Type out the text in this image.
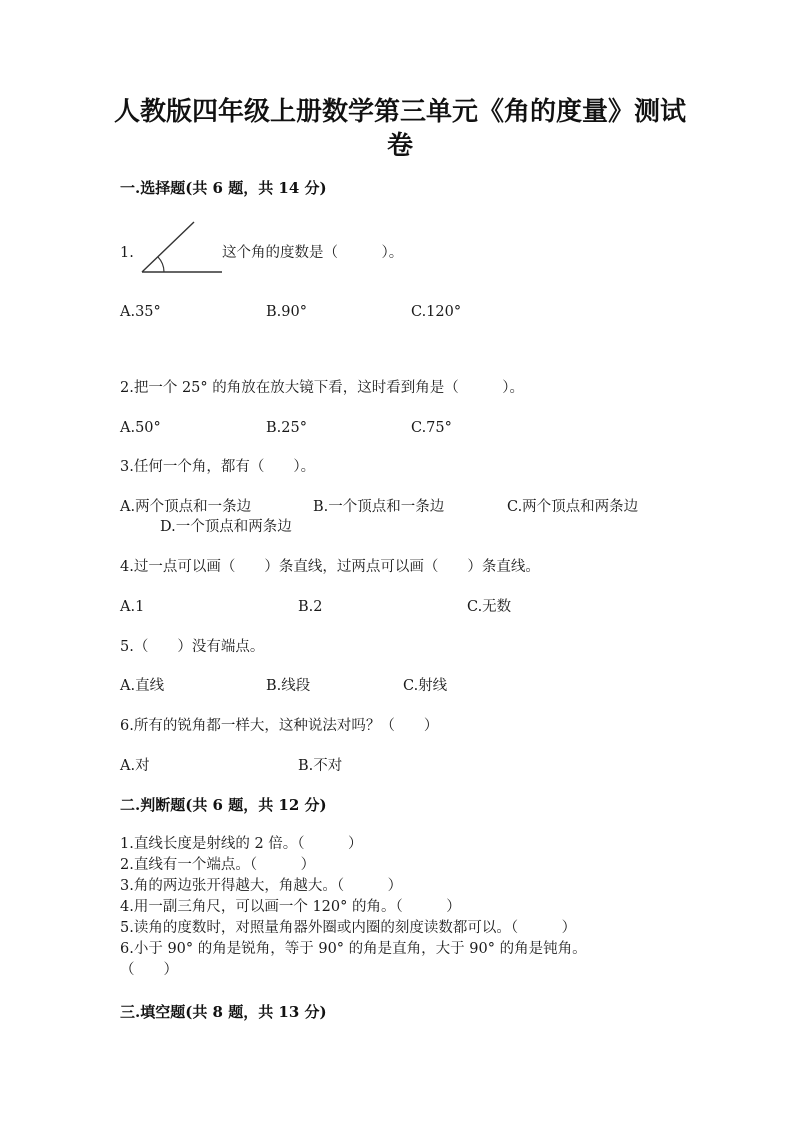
人教版四年级上册数学第三单元《角的度量》测试
卷
一.选择题(共 6 题，共 14 分)
1.	这个角的度数是（　　　）。
A.35°	B.90°	C.120°
2.把一个 25° 的角放在放大镜下看，这时看到角是（　　　）。
A.50°	B.25°	C.75°
3.任何一个角，都有（　　）。
A.两个顶点和一条边	B.一个顶点和一条边	C.两个顶点和两条边
D.一个顶点和两条边
4.过一点可以画（　　）条直线，过两点可以画（　　）条直线。
A.1	B.2	C.无数
5.（　　）没有端点。
A.直线	B.线段	C.射线
6.所有的锐角都一样大，这种说法对吗？（　　）
A.对	B.不对
二.判断题(共 6 题，共 12 分)
1.直线长度是射线的 2 倍。（　　　）
2.直线有一个端点。（　　　）
3.角的两边张开得越大，角越大。（　　　）
4.用一副三角尺，可以画一个 120° 的角。（　　　）
5.读角的度数时，对照量角器外圈或内圈的刻度读数都可以。（　　　）
6.小于 90° 的角是锐角，等于 90° 的角是直角，大于 90° 的角是钝角。
（　　）
三.填空题(共 8 题，共 13 分)
